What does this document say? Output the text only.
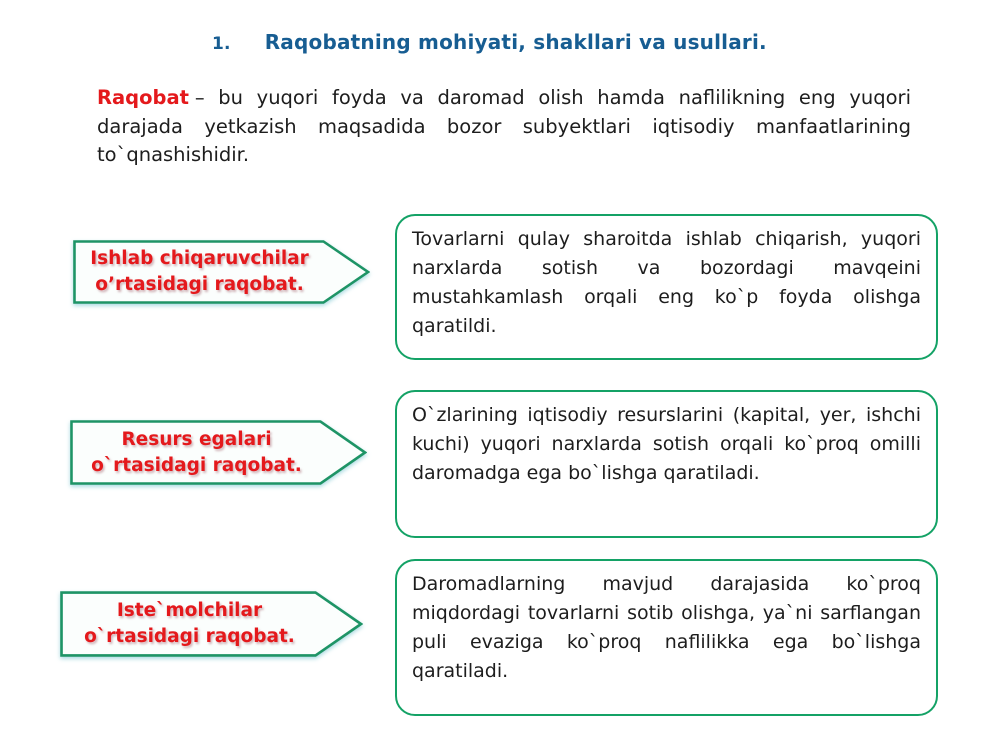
1. Raqobatning mohiyati, shakllari va usullari.

Raqobat – bu yuqori foyda va daromad olish hamda naflilikning eng yuqori darajada yetkazish maqsadida bozor subyektlari iqtisodiy manfaatlarining to`qnashishidir.

Ishlab chiqaruvchilar
o’rtasidagi raqobat.

Tovarlarni qulay sharoitda ishlab chiqarish, yuqori narxlarda sotish va bozordagi mavqeini mustahkamlash orqali eng ko`p foyda olishga qaratildi.

Resurs egalari
o`rtasidagi raqobat.

O`zlarining iqtisodiy resurslarini (kapital, yer, ishchi kuchi) yuqori narxlarda sotish orqali ko`proq omilli daromadga ega bo`lishga qaratiladi.

Iste`molchilar
o`rtasidagi raqobat.

Daromadlarning mavjud darajasida ko`proq miqdordagi tovarlarni sotib olishga, ya`ni sarflangan puli evaziga ko`proq naflilikka ega bo`lishga qaratiladi.
